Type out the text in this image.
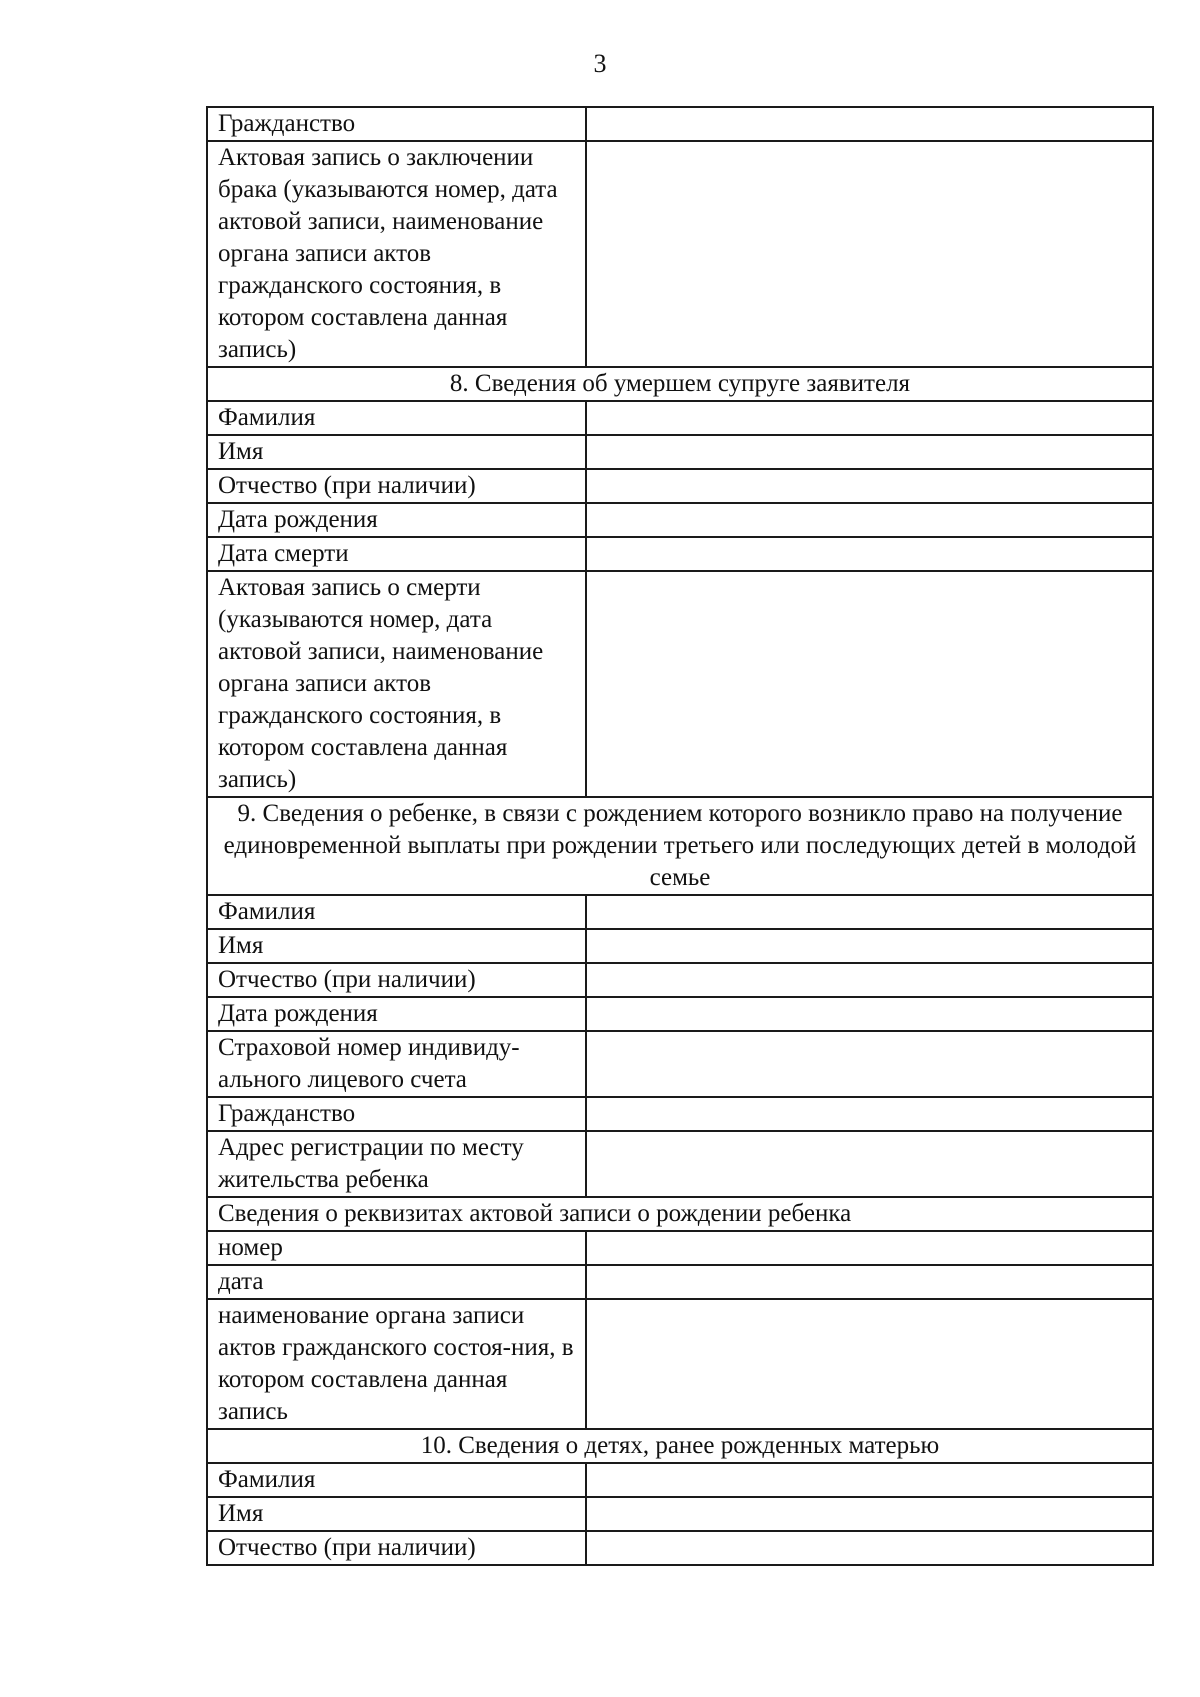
3
Гражданство	
Актовая запись о заключении брака (указываются номер, дата актовой записи, наименование органа записи актов гражданского состояния, в котором составлена данная запись)	
8. Сведения об умершем супруге заявителя	
Фамилия	
Имя	
Отчество (при наличии)	
Дата рождения	
Дата смерти	
Актовая запись о смерти (указываются номер, дата актовой записи, наименование органа записи актов гражданского состояния, в котором составлена данная запись)	
9. Сведения о ребенке, в связи с рождением которого возникло право на получение единовременной выплаты при рождении третьего или последующих детей в молодой семье	
Фамилия	
Имя	
Отчество (при наличии)	
Дата рождения	
Страховой номер индивиду-ального лицевого счета	
Гражданство	
Адрес регистрации по месту жительства ребенка	
Сведения о реквизитах актовой записи о рождении ребенка	
номер	
дата	
наименование органа записи актов гражданского состоя-ния, в котором составлена данная запись	
10. Сведения о детях, ранее рожденных матерью	
Фамилия	
Имя	
Отчество (при наличии)	
